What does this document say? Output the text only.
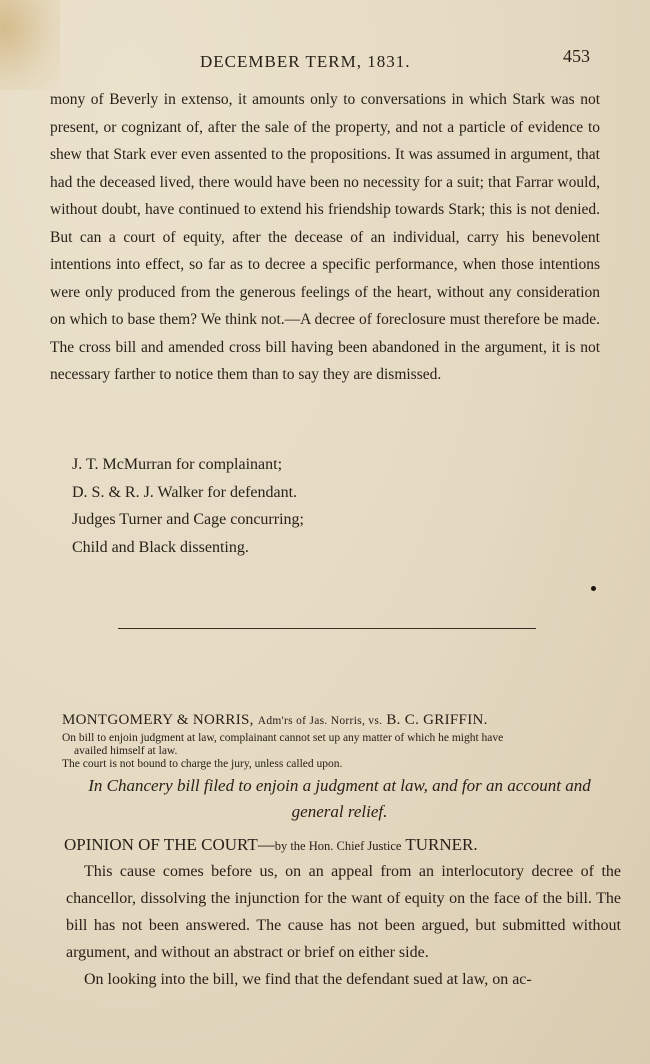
DECEMBER TERM, 1831.	453

mony of Beverly in extenso, it amounts only to conversations in which Stark was not present, or cognizant of, after the sale of the property, and not a particle of evidence to shew that Stark ever even assented to the propositions. It was assumed in argument, that had the deceased lived, there would have been no necessity for a suit; that Farrar would, without doubt, have continued to extend his friendship towards Stark; this is not denied. But can a court of equity, after the decease of an individual, carry his benevolent intentions into effect, so far as to decree a specific performance, when those intentions were only produced from the generous feelings of the heart, without any consideration on which to base them? We think not.—A decree of foreclosure must therefore be made. The cross bill and amended cross bill having been abandoned in the argument, it is not necessary farther to notice them than to say they are dismissed.

J. T. McMurran for complainant;
D. S. & R. J. Walker for defendant.
Judges Turner and Cage concurring;
Child and Black dissenting.
MONTGOMERY & NORRIS, Adm'rs of Jas. Norris, vs. B. C. GRIFFIN.

On bill to enjoin judgment at law, complainant cannot set up any matter of which he might have

availed himself at law.

The court is not bound to charge the jury, unless called upon.

In Chancery bill filed to enjoin a judgment at law, and for an account and general relief.
OPINION OF THE COURT—by the Hon. Chief Justice TURNER.

This cause comes before us, on an appeal from an interlocutory decree of the chancellor, dissolving the injunction for the want of equity on the face of the bill. The bill has not been answered. The cause has not been argued, but submitted without argument, and without an abstract or brief on either side.

On looking into the bill, we find that the defendant sued at law, on ac-
